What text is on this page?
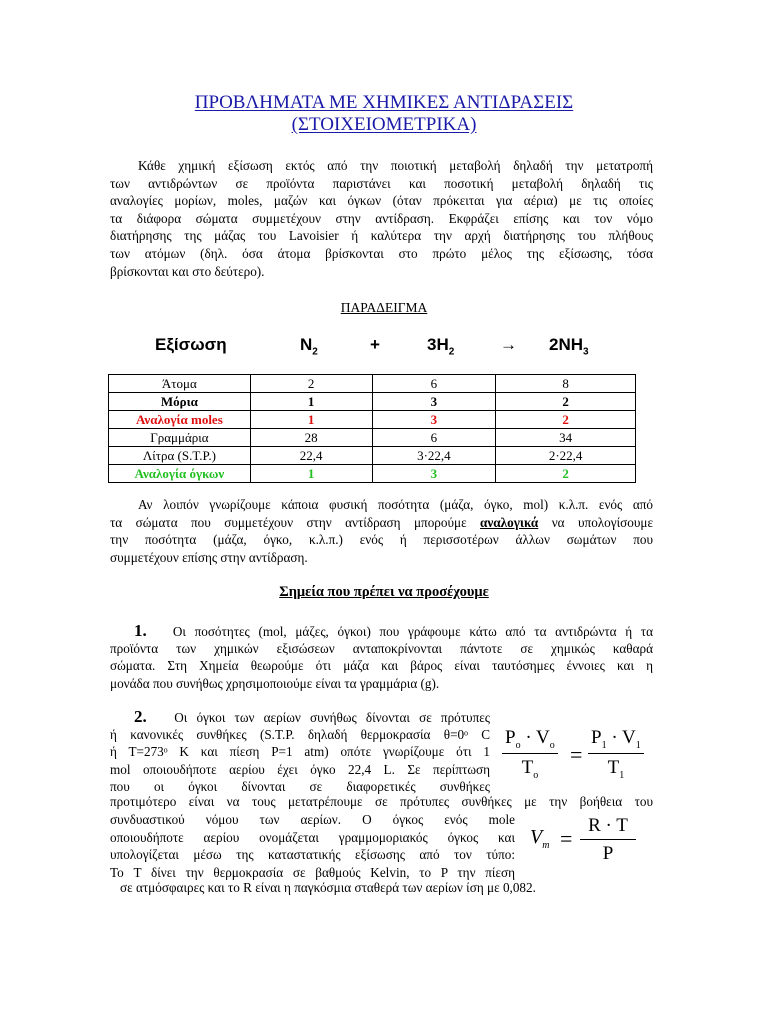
ΠΡΟΒΛΗΜΑΤΑ ΜΕ ΧΗΜΙΚΕΣ ΑΝΤΙΔΡΑΣΕΙΣ
(ΣΤΟΙΧΕΙΟΜΕΤΡΙΚΑ)
Κάθε χημική εξίσωση εκτός από την ποιοτική μεταβολή δηλαδή την μετατροπή
των αντιδρώντων σε προϊόντα παριστάνει και ποσοτική μεταβολή δηλαδή τις
αναλογίες μορίων, moles, μαζών και όγκων (όταν πρόκειται για αέρια) με τις οποίες
τα διάφορα σώματα συμμετέχουν στην αντίδραση. Εκφράζει επίσης και τον νόμο
διατήρησης της μάζας του Lavoisier ή καλύτερα την αρχή διατήρησης του πλήθους
των ατόμων (δηλ. όσα άτομα βρίσκονται στο πρώτο μέλος της εξίσωσης, τόσα
βρίσκονται και στο δεύτερο).
ΠΑΡΑΔΕΙΓΜΑ
Εξίσωση	$N_2$	+	$3H_2$	→ $2NH_3$
Άτομα	2	6	8
Μόρια	1	3	2
Αναλογία moles	1	3	2
Γραμμάρια	28	6	34
Λίτρα (S.T.P.)	22,4	3·22,4	2·22,4
Αναλογία όγκων	1	3	2
Αν λοιπόν γνωρίζουμε κάποια φυσική ποσότητα (μάζα, όγκο, mol) κ.λ.π. ενός από
τα σώματα που συμμετέχουν στην αντίδραση μπορούμε αναλογικά να υπολογίσουμε
την ποσότητα (μάζα, όγκο, κ.λ.π.) ενός ή περισσοτέρων άλλων σωμάτων που
συμμετέχουν επίσης στην αντίδραση.
Σημεία που πρέπει να προσέχουμε
1. Οι ποσότητες (mol, μάζες, όγκοι) που γράφουμε κάτω από τα αντιδρώντα ή τα
προϊόντα των χημικών εξισώσεων ανταποκρίνονται πάντοτε σε χημικώς καθαρά
σώματα. Στη Χημεία θεωρούμε ότι μάζα και βάρος είναι ταυτόσημες έννοιες και η
μονάδα που συνήθως χρησιμοποιούμε είναι τα γραμμάρια (g).
2. Οι όγκοι των αερίων συνήθως δίνονται σε πρότυπες
ή κανονικές συνθήκες (S.T.P. δηλαδή θερμοκρασία θ=0ᵒ C
ή Τ=273ᵒ Κ και πίεση P=1 atm) οπότε γνωρίζουμε ότι 1
mol οποιουδήποτε αερίου έχει όγκο 22,4 L. Σε περίπτωση
που οι όγκοι δίνονται σε διαφορετικές συνθήκες
προτιμότερο είναι να τους μετατρέπουμε σε πρότυπες συνθήκες με την βοήθεια του
συνδυαστικού νόμου των αερίων. Ο όγκος ενός mole
οποιουδήποτε αερίου ονομάζεται γραμμομοριακός όγκος και
υπολογίζεται μέσω της καταστατικής εξίσωσης από τον τύπο:
Το T δίνει την θερμοκρασία σε βαθμούς Kelvin, το P την πίεση
σε ατμόσφαιρες και το R είναι η παγκόσμια σταθερά των αερίων ίση με 0,082.
$\frac{P_o \cdot V_o}{T_o} = \frac{P_1 \cdot V_1}{T_1}$
$V_m = \frac{R \cdot T}{P}$
